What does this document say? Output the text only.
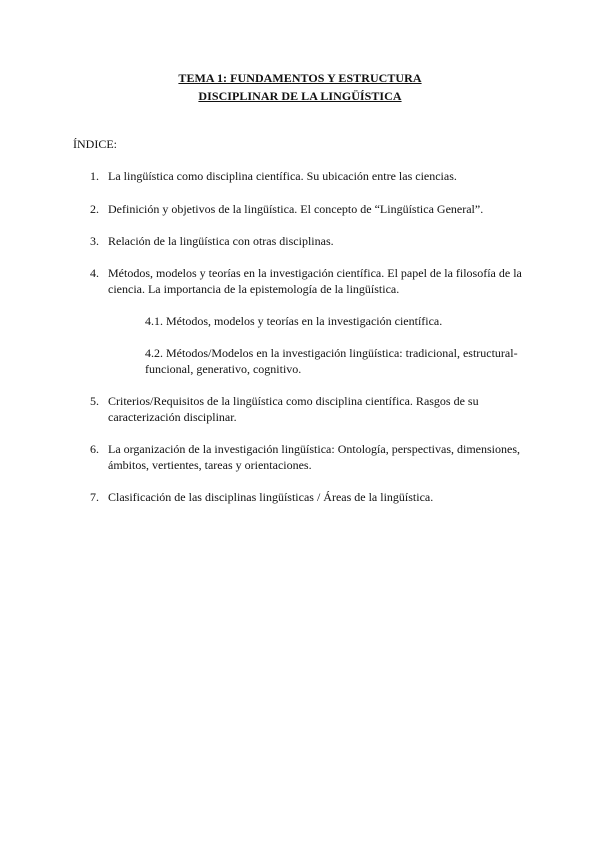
TEMA 1: FUNDAMENTOS Y ESTRUCTURA
DISCIPLINAR DE LA LINGÜÍSTICA
ÍNDICE:
1. La lingüística como disciplina científica. Su ubicación entre las ciencias.
2. Definición y objetivos de la lingüística. El concepto de “Lingüística General”.
3. Relación de la lingüística con otras disciplinas.
4. Métodos, modelos y teorías en la investigación científica. El papel de la filosofía de la ciencia. La importancia de la epistemología de la lingüística.
4.1. Métodos, modelos y teorías en la investigación científica.
4.2. Métodos/Modelos en la investigación lingüística: tradicional, estructural-funcional, generativo, cognitivo.
5. Criterios/Requisitos de la lingüística como disciplina científica. Rasgos de su caracterización disciplinar.
6. La organización de la investigación lingüística: Ontología, perspectivas, dimensiones, ámbitos, vertientes, tareas y orientaciones.
7. Clasificación de las disciplinas lingüísticas / Áreas de la lingüística.
